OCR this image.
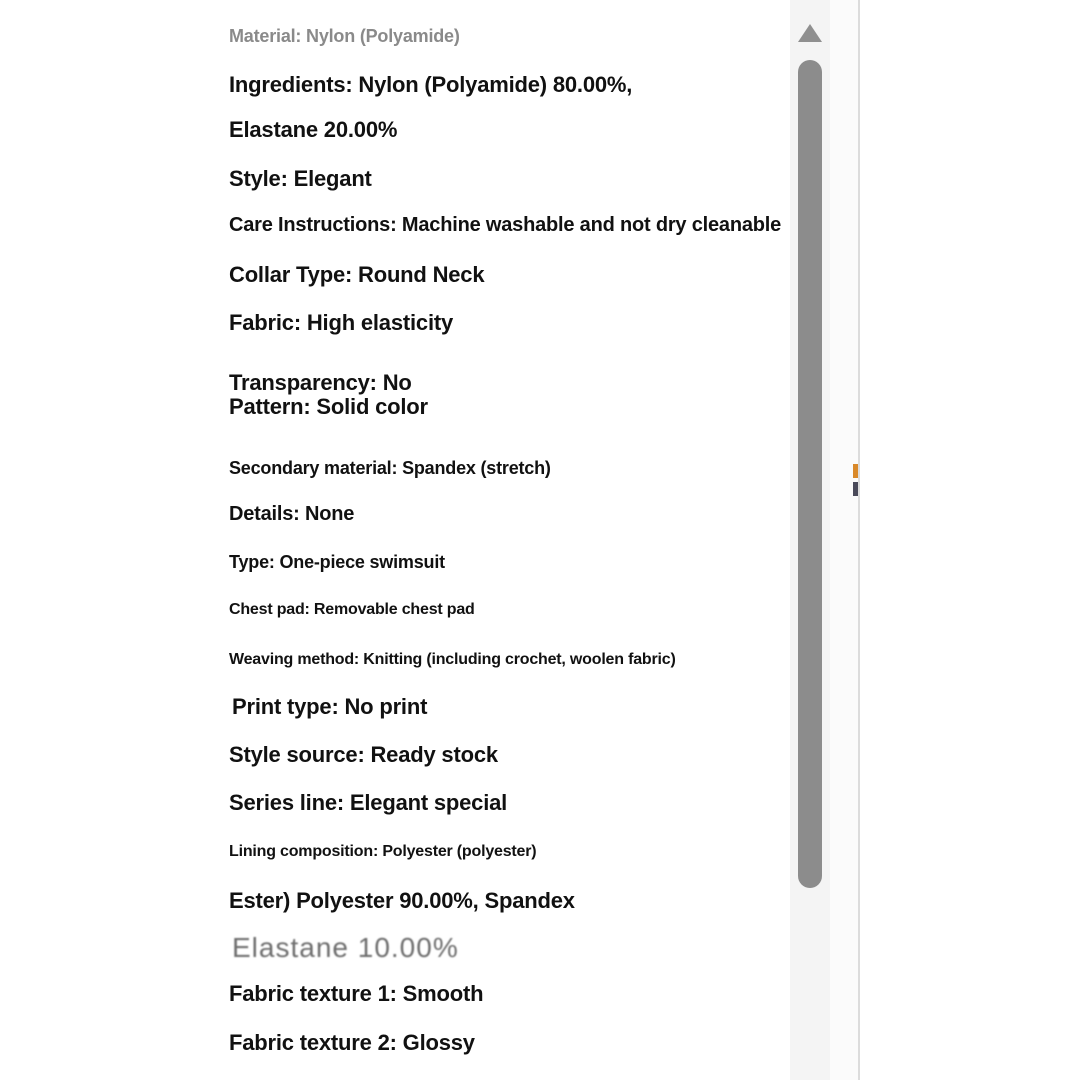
Material: Nylon (Polyamide)

Ingredients: Nylon (Polyamide) 80.00%,

Elastane 20.00%

Style: Elegant

Care Instructions: Machine washable and not dry cleanable

Collar Type: Round Neck

Fabric: High elasticity

Transparency: No

Pattern: Solid color

Secondary material: Spandex (stretch)

Details: None

Type: One-piece swimsuit

Chest pad: Removable chest pad

Weaving method: Knitting (including crochet, woolen fabric)

Print type: No print

Style source: Ready stock

Series line: Elegant special

Lining composition: Polyester (polyester)

Ester) Polyester 90.00%, Spandex

Elastane 10.00%

Fabric texture 1: Smooth

Fabric texture 2: Glossy
